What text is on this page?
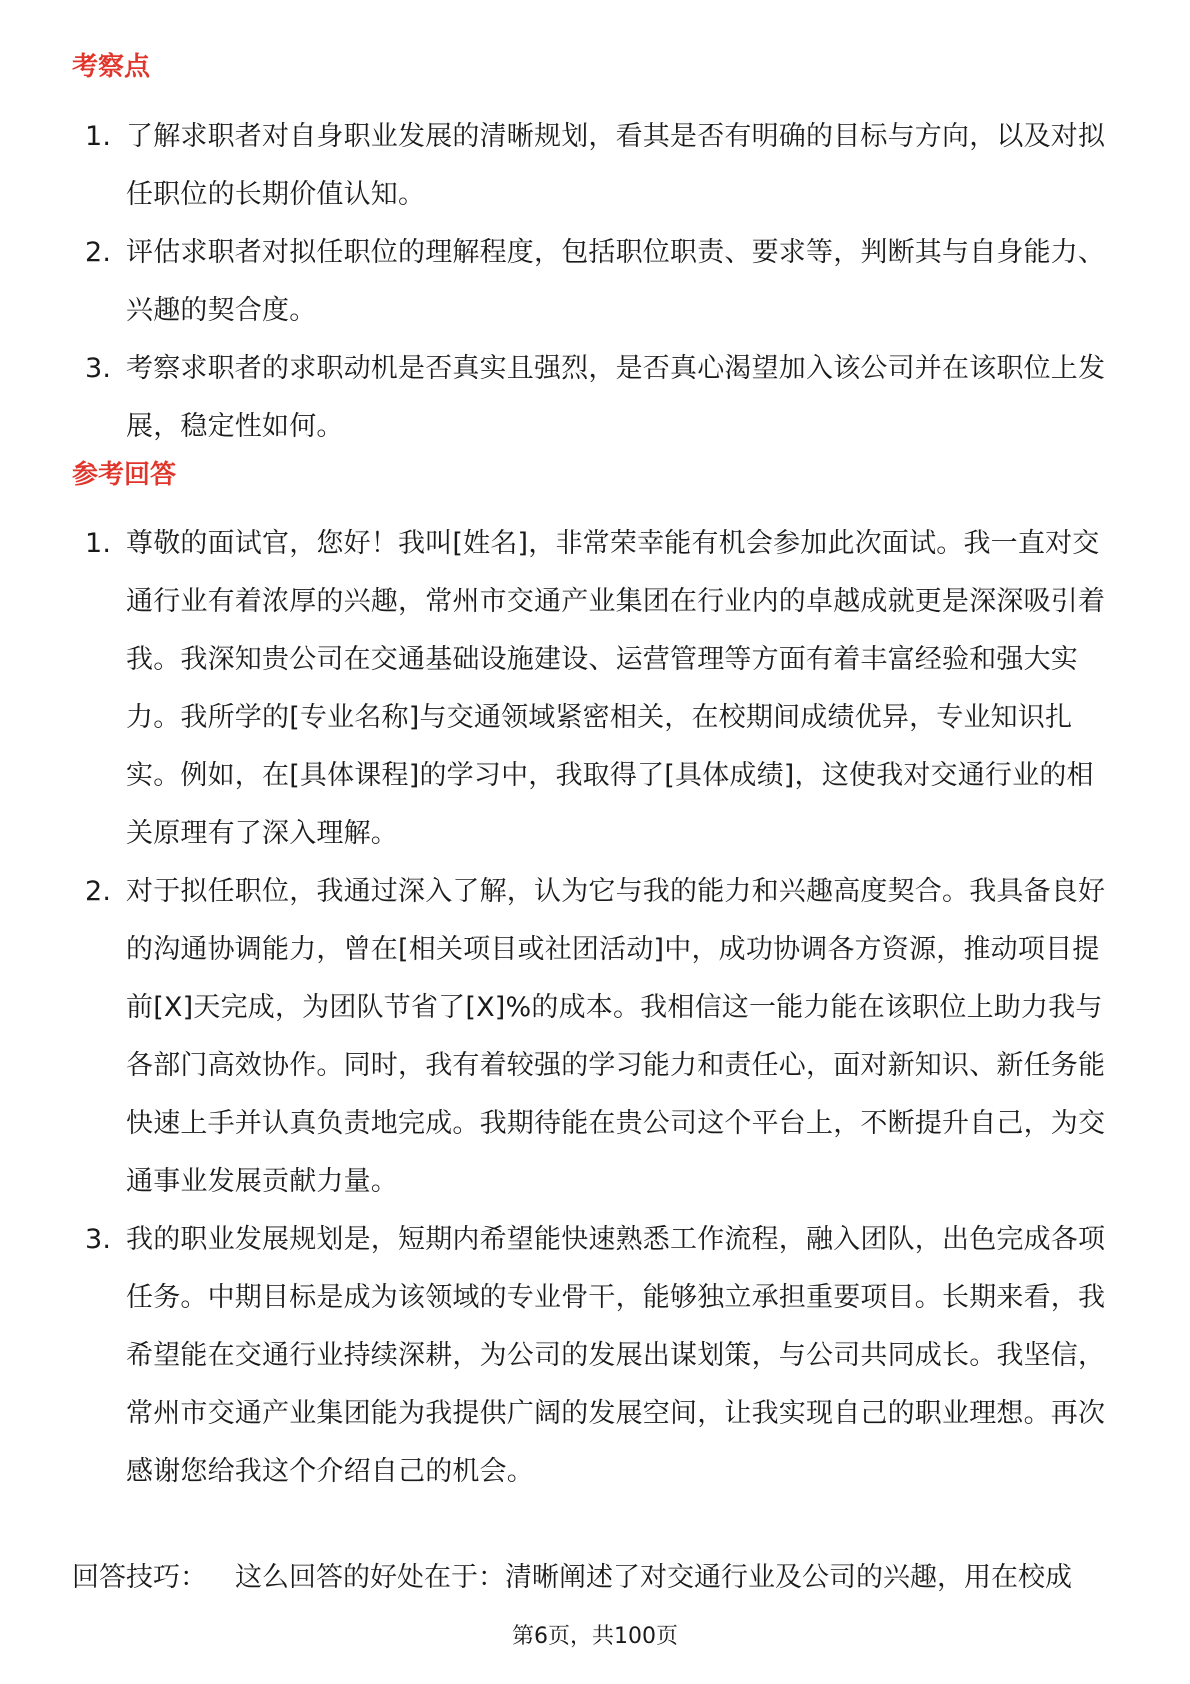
考察点
1. 了解求职者对自身职业发展的清晰规划，看其是否有明确的目标与方向，以及对拟任职位的长期价值认知。
2. 评估求职者对拟任职位的理解程度，包括职位职责、要求等，判断其与自身能力、兴趣的契合度。
3. 考察求职者的求职动机是否真实且强烈，是否真心渴望加入该公司并在该职位上发展，稳定性如何。
参考回答
1. 尊敬的面试官，您好！我叫[姓名]，非常荣幸能有机会参加此次面试。我一直对交通行业有着浓厚的兴趣，常州市交通产业集团在行业内的卓越成就更是深深吸引着我。我深知贵公司在交通基础设施建设、运营管理等方面有着丰富经验和强大实力。我所学的[专业名称]与交通领域紧密相关，在校期间成绩优异，专业知识扎实。例如，在[具体课程]的学习中，我取得了[具体成绩]，这使我对交通行业的相关原理有了深入理解。
2. 对于拟任职位，我通过深入了解，认为它与我的能力和兴趣高度契合。我具备良好的沟通协调能力，曾在[相关项目或社团活动]中，成功协调各方资源，推动项目提前[X]天完成，为团队节省了[X]%的成本。我相信这一能力能在该职位上助力我与各部门高效协作。同时，我有着较强的学习能力和责任心，面对新知识、新任务能快速上手并认真负责地完成。我期待能在贵公司这个平台上，不断提升自己，为交通事业发展贡献力量。
3. 我的职业发展规划是，短期内希望能快速熟悉工作流程，融入团队，出色完成各项任务。中期目标是成为该领域的专业骨干，能够独立承担重要项目。长期来看，我希望能在交通行业持续深耕，为公司的发展出谋划策，与公司共同成长。我坚信，常州市交通产业集团能为我提供广阔的发展空间，让我实现自己的职业理想。再次感谢您给我这个介绍自己的机会。

回答技巧： 这么回答的好处在于：清晰阐述了对交通行业及公司的兴趣，用在校成

第6页，共100页
